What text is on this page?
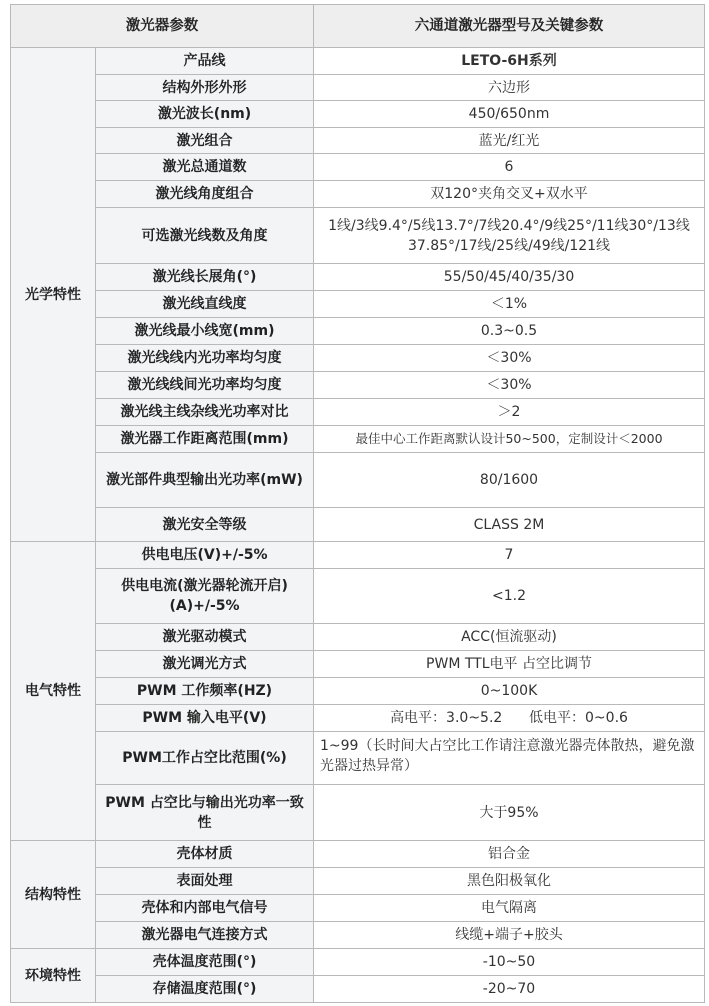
激光器参数		六通道激光器型号及关键参数
光学特性	产品线	LETO-6H系列
	结构外形外形	六边形
	激光波长(nm)	450/650nm
	激光组合	蓝光/红光
	激光总通道数	6
	激光线角度组合	双120°夹角交叉+双水平
	可选激光线数及角度	1线/3线9.4°/5线13.7°/7线20.4°/9线25°/11线30°/13线37.85°/17线/25线/49线/121线
	激光线长展角(°)	55/50/45/40/35/30
	激光线直线度	＜1%
	激光线最小线宽(mm)	0.3~0.5
	激光线线内光功率均匀度	＜30%
	激光线线间光功率均匀度	＜30%
	激光线主线杂线光功率对比	＞2
	激光器工作距离范围(mm)	最佳中心工作距离默认设计50~500，定制设计＜2000
	激光部件典型输出光功率(mW)	80/1600
	激光安全等级	CLASS 2M
电气特性	供电电压(V)+/-5%	7
	供电电流(激光器轮流开启)(A)+/-5%	<1.2
	激光驱动模式	ACC(恒流驱动)
	激光调光方式	PWM TTL电平 占空比调节
	PWM 工作频率(HZ)	0~100K
	PWM 输入电平(V)	高电平：3.0~5.2      低电平：0~0.6
	PWM工作占空比范围(%)	1~99（长时间大占空比工作请注意激光器壳体散热，避免激光器过热异常）
	PWM 占空比与输出光功率一致性	大于95%
结构特性	壳体材质	铝合金
	表面处理	黑色阳极氧化
	壳体和内部电气信号	电气隔离
	激光器电气连接方式	线缆+端子+胶头
环境特性	壳体温度范围(°)	-10~50
	存储温度范围(°)	-20~70
